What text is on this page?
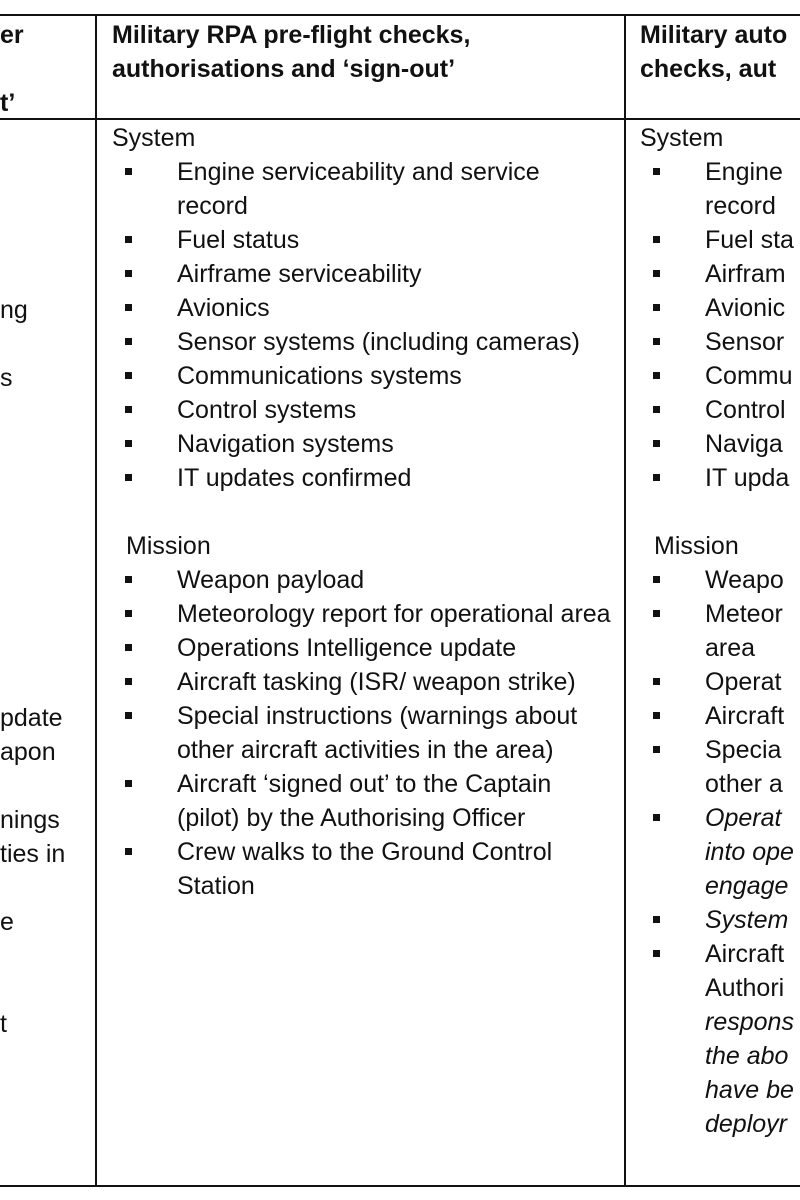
er
t’
ng
s
pdate
apon
nings
ties in
e
t
Military RPA pre-flight checks,
authorisations and ‘sign-out’
System
Engine serviceability and service record
Fuel status
Airframe serviceability
Avionics
Sensor systems (including cameras)
Communications systems
Control systems
Navigation systems
IT updates confirmed
Mission
Weapon payload
Meteorology report for operational area
Operations Intelligence update
Aircraft tasking (ISR/ weapon strike)
Special instructions (warnings about other aircraft activities in the area)
Aircraft ‘signed out’ to the Captain (pilot) by the Authorising Officer
Crew walks to the Ground Control Station
Military auto
checks, aut
System
Engine
record
Fuel sta
Airfram
Avionic
Sensor
Commu
Control
Naviga
IT upda
Mission
Weapo
Meteor
area
Operat
Aircraft
Specia
other a
Operat
into ope
engage
System
Aircraft
Authori
respons
the abo
have be
deployr
